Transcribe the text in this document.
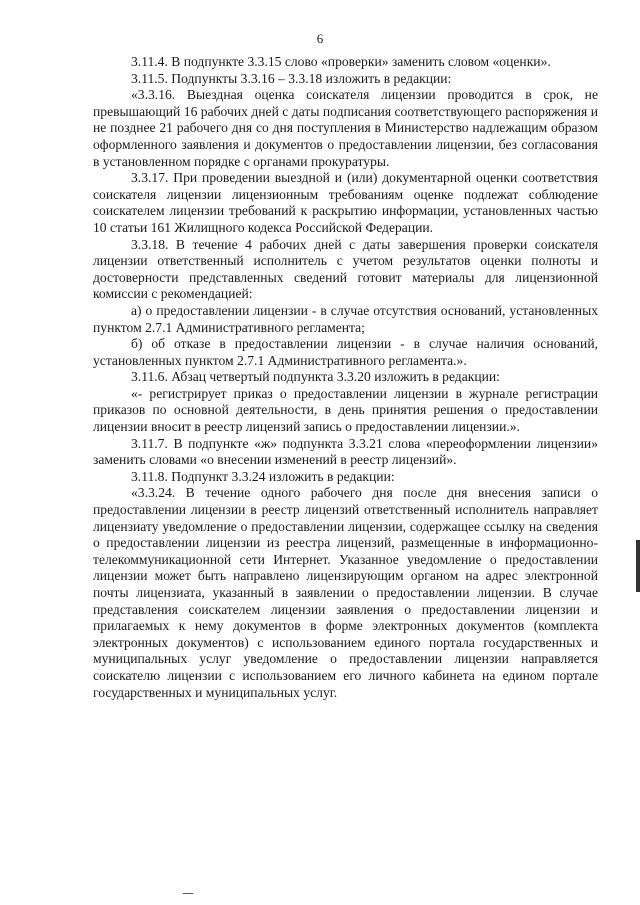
6

3.11.4. В подпункте 3.3.15 слово «проверки» заменить словом «оценки».

3.11.5. Подпункты 3.3.16 – 3.3.18 изложить в редакции:

«3.3.16. Выездная оценка соискателя лицензии проводится в срок, не превышающий 16 рабочих дней с даты подписания соответствующего распоряжения и не позднее 21 рабочего дня со дня поступления в Министерство надлежащим образом оформленного заявления и документов о предоставлении лицензии, без согласования в установленном порядке с органами прокуратуры.

3.3.17. При проведении выездной и (или) документарной оценки соответствия соискателя лицензии лицензионным требованиям оценке подлежат соблюдение соискателем лицензии требований к раскрытию информации, установленных частью 10 статьи 161 Жилищного кодекса Российской Федерации.

3.3.18. В течение 4 рабочих дней с даты завершения проверки соискателя лицензии ответственный исполнитель с учетом результатов оценки полноты и достоверности представленных сведений готовит материалы для лицензионной комиссии с рекомендацией:

а) о предоставлении лицензии - в случае отсутствия оснований, установленных пунктом 2.7.1 Административного регламента;

б) об отказе в предоставлении лицензии - в случае наличия оснований, установленных пунктом 2.7.1 Административного регламента.».

3.11.6. Абзац четвертый подпункта 3.3.20 изложить в редакции:

«- регистрирует приказ о предоставлении лицензии в журнале регистрации приказов по основной деятельности, в день принятия решения о предоставлении лицензии вносит в реестр лицензий запись о предоставлении лицензии.».

3.11.7. В подпункте «ж» подпункта 3.3.21 слова «переоформлении лицензии» заменить словами «о внесении изменений в реестр лицензий».

3.11.8. Подпункт 3.3.24 изложить в редакции:

«3.3.24. В течение одного рабочего дня после дня внесения записи о предоставлении лицензии в реестр лицензий ответственный исполнитель направляет лицензиату уведомление о предоставлении лицензии, содержащее ссылку на сведения о предоставлении лицензии из реестра лицензий, размещенные в информационно-телекоммуникационной сети Интернет. Указанное уведомление о предоставлении лицензии может быть направлено лицензирующим органом на адрес электронной почты лицензиата, указанный в заявлении о предоставлении лицензии. В случае представления соискателем лицензии заявления о предоставлении лицензии и прилагаемых к нему документов в форме электронных документов (комплекта электронных документов) с использованием единого портала государственных и муниципальных услуг уведомление о предоставлении лицензии направляется соискателю лицензии с использованием его личного кабинета на едином портале государственных и муниципальных услуг.
